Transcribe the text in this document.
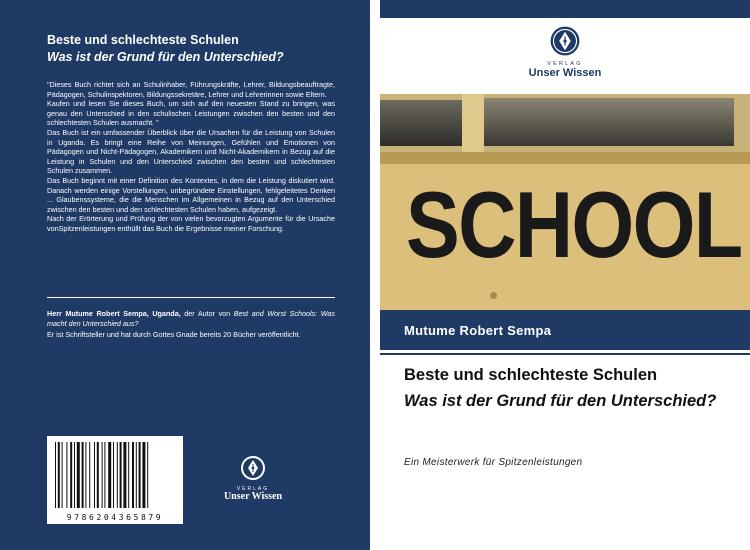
Beste und schlechteste Schulen
Was ist der Grund für den Unterschied?

"Dieses Buch richtet sich an Schulinhaber, Führungskräfte, Lehrer, Bildungsbeauftragte, Pädagogen, Schulinspektoren, Bildungssekretäre, Lehrer und Lehrerinnen sowie Eltern.

Kaufen und lesen Sie dieses Buch, um sich auf den neuesten Stand zu bringen, was genau den Unterschied in den schulischen Leistungen zwischen den besten und den schlechtesten Schulen ausmacht. "

Das Buch ist ein umfassender Überblick über die Ursachen für die Leistung von Schulen in Uganda. Es bringt eine Reihe von Meinungen, Gefühlen und Emotionen von Pädagogen und Nicht-Pädagogen, Akademikern und Nicht-Akademikern in Bezug auf die Leistung in Schulen und den Unterschied zwischen den besten und schlechtesten Schulen zusammen.

Das Buch beginnt mit einer Definition des Kontextes, in dem die Leistung diskutiert wird. Danach werden einige Vorstellungen, unbegründete Einstellungen, fehlgeleitetes Denken ... Glaubenssysteme, die die Menschen im Allgemeinen in Bezug auf den Unterschied zwischen den besten und den schlechtesten Schulen haben, aufgezeigt.

Nach der Erörterung und Prüfung der von vielen bevorzugten Argumente für die Ursache vonSpitzenleistungen enthüllt das Buch die Ergebnisse meiner Forschung.

Herr Mutume Robert Sempa, Uganda, der Autor von Best and Worst Schools: Was macht den Unterschied aus?

Er ist Schriftsteller und hat durch Gottes Gnade bereits 20 Bücher veröffentlicht.

9786204365879
VERLAG
Unser Wissen
VERLAG
Unser Wissen
SCHOOL
Mutume Robert Sempa
Beste und schlechteste Schulen
Was ist der Grund für den Unterschied?
Ein Meisterwerk für Spitzenleistungen
